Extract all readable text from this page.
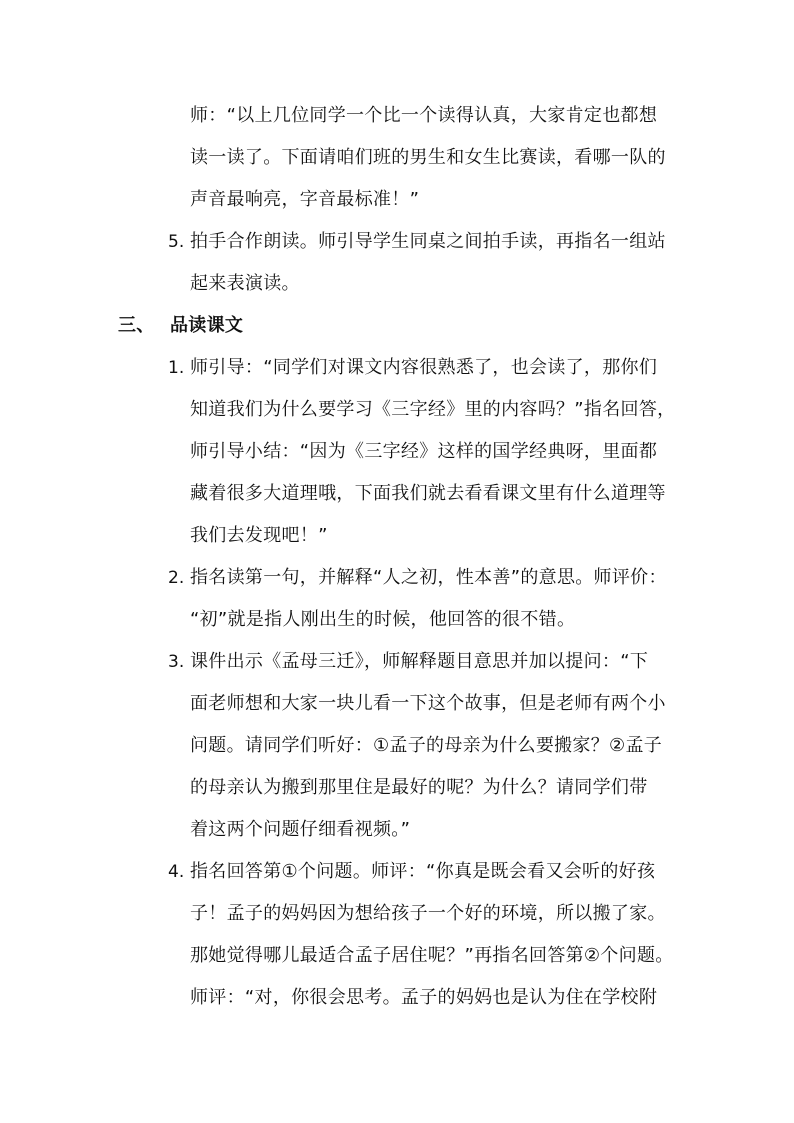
师：“以上几位同学一个比一个读得认真，大家肯定也都想
读一读了。下面请咱们班的男生和女生比赛读，看哪一队的
声音最响亮，字音最标准！”
5. 拍手合作朗读。师引导学生同桌之间拍手读，再指名一组站
起来表演读。
三、 品读课文
1. 师引导：“同学们对课文内容很熟悉了，也会读了，那你们
知道我们为什么要学习《三字经》里的内容吗？”指名回答，
师引导小结：“因为《三字经》这样的国学经典呀，里面都
藏着很多大道理哦，下面我们就去看看课文里有什么道理等
我们去发现吧！”
2. 指名读第一句，并解释“人之初，性本善”的意思。师评价：
“初”就是指人刚出生的时候，他回答的很不错。
3. 课件出示《孟母三迁》，师解释题目意思并加以提问：“下
面老师想和大家一块儿看一下这个故事，但是老师有两个小
问题。请同学们听好：①孟子的母亲为什么要搬家？②孟子
的母亲认为搬到那里住是最好的呢？为什么？请同学们带
着这两个问题仔细看视频。”
4. 指名回答第①个问题。师评：“你真是既会看又会听的好孩
子！孟子的妈妈因为想给孩子一个好的环境，所以搬了家。
那她觉得哪儿最适合孟子居住呢？”再指名回答第②个问题。
师评：“对，你很会思考。孟子的妈妈也是认为住在学校附
